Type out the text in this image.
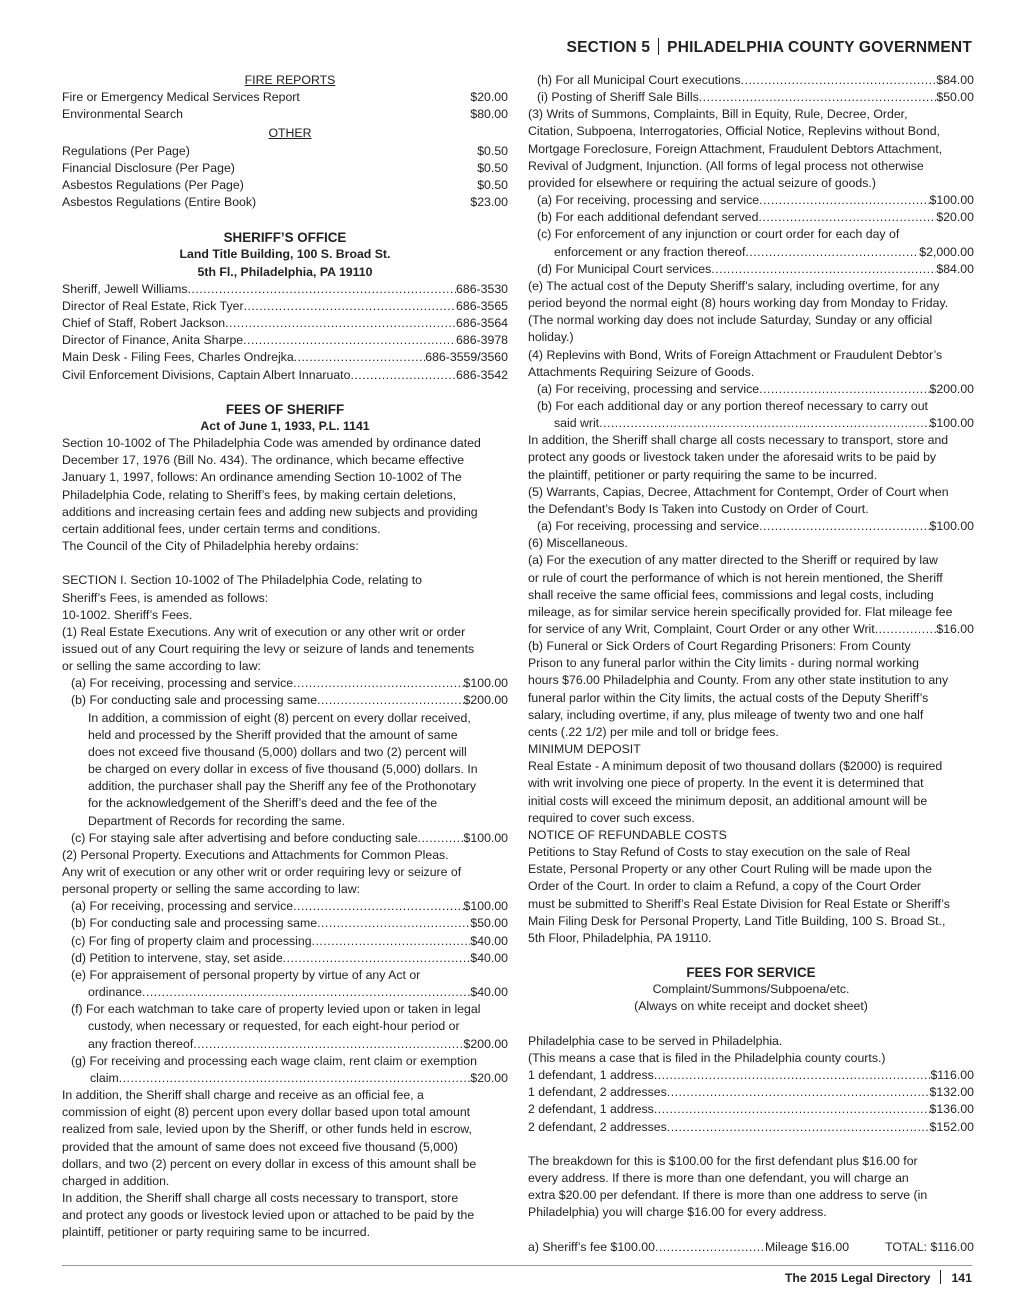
SECTION 5 PHILADELPHIA COUNTY GOVERNMENT
FIRE REPORTS
Fire or Emergency Medical Services Report	$20.00
Environmental Search	$80.00
OTHER
Regulations (Per Page)	$0.50
Financial Disclosure (Per Page)	$0.50
Asbestos Regulations (Per Page)	$0.50
Asbestos Regulations (Entire Book)	$23.00
SHERIFF’S OFFICE
Land Title Building, 100 S. Broad St.
5th Fl., Philadelphia, PA 19110
Sheriff, Jewell Williams .....	686-3530
Director of Real Estate, Rick Tyer .....	686-3565
Chief of Staff, Robert Jackson .....	686-3564
Director of Finance, Anita Sharpe .....	686-3978
Main Desk - Filing Fees, Charles Ondrejka .....	686-3559/3560
Civil Enforcement Divisions, Captain Albert Innaruato .....	686-3542
FEES OF SHERIFF
Act of June 1, 1933, P.L. 1141
Section 10-1002 of The Philadelphia Code was amended by ordinance dated
December 17, 1976 (Bill No. 434). The ordinance, which became effective
January 1, 1997, follows: An ordinance amending Section 10-1002 of The
Philadelphia Code, relating to Sheriff’s fees, by making certain deletions,
additions and increasing certain fees and adding new subjects and providing
certain additional fees, under certain terms and conditions.
The Council of the City of Philadelphia hereby ordains:
SECTION I. Section 10-1002 of The Philadelphia Code, relating to
Sheriff’s Fees, is amended as follows:
10-1002. Sheriff’s Fees.
(1) Real Estate Executions. Any writ of execution or any other writ or order
issued out of any Court requiring the levy or seizure of lands and tenements
or selling the same according to law:
(a) For receiving, processing and service .....	$100.00
(b) For conducting sale and processing same .....	$200.00
In addition, a commission of eight (8) percent on every dollar received,
held and processed by the Sheriff provided that the amount of same
does not exceed five thousand (5,000) dollars and two (2) percent will
be charged on every dollar in excess of five thousand (5,000) dollars. In
addition, the purchaser shall pay the Sheriff any fee of the Prothonotary
for the acknowledgement of the Sheriff’s deed and the fee of the
Department of Records for recording the same.
(c) For staying sale after advertising and before conducting sale .....	$100.00
(2) Personal Property. Executions and Attachments for Common Pleas.
Any writ of execution or any other writ or order requiring levy or seizure of
personal property or selling the same according to law:
(a) For receiving, processing and service .....	$100.00
(b) For conducting sale and processing same .....	$50.00
(c) For fing of property claim and processing .....	$40.00
(d) Petition to intervene, stay, set aside .....	$40.00
(e) For appraisement of personal property by virtue of any Act or
ordinance .....	$40.00
(f) For each watchman to take care of property levied upon or taken in legal
custody, when necessary or requested, for each eight-hour period or
any fraction thereof .....	$200.00
(g) For receiving and processing each wage claim, rent claim or exemption
claim .....	$20.00
In addition, the Sheriff shall charge and receive as an official fee, a
commission of eight (8) percent upon every dollar based upon total amount
realized from sale, levied upon by the Sheriff, or other funds held in escrow,
provided that the amount of same does not exceed five thousand (5,000)
dollars, and two (2) percent on every dollar in excess of this amount shall be
charged in addition.
In addition, the Sheriff shall charge all costs necessary to transport, store
and protect any goods or livestock levied upon or attached to be paid by the
plaintiff, petitioner or party requiring same to be incurred.
(h) For all Municipal Court executions .....	$84.00
(i) Posting of Sheriff Sale Bills .....	$50.00
(3) Writs of Summons, Complaints, Bill in Equity, Rule, Decree, Order,
Citation, Subpoena, Interrogatories, Official Notice, Replevins without Bond,
Mortgage Foreclosure, Foreign Attachment, Fraudulent Debtors Attachment,
Revival of Judgment, Injunction. (All forms of legal process not otherwise
provided for elsewhere or requiring the actual seizure of goods.)
(a) For receiving, processing and service .....	$100.00
(b) For each additional defendant served .....	$20.00
(c) For enforcement of any injunction or court order for each day of
enforcement or any fraction thereof .....	$2,000.00
(d) For Municipal Court services .....	$84.00
(e) The actual cost of the Deputy Sheriff’s salary, including overtime, for any
period beyond the normal eight (8) hours working day from Monday to Friday.
(The normal working day does not include Saturday, Sunday or any official
holiday.)
(4) Replevins with Bond, Writs of Foreign Attachment or Fraudulent Debtor’s
Attachments Requiring Seizure of Goods.
(a) For receiving, processing and service .....	$200.00
(b) For each additional day or any portion thereof necessary to carry out
said writ .....	$100.00
In addition, the Sheriff shall charge all costs necessary to transport, store and
protect any goods or livestock taken under the aforesaid writs to be paid by
the plaintiff, petitioner or party requiring the same to be incurred.
(5) Warrants, Capias, Decree, Attachment for Contempt, Order of Court when
the Defendant’s Body Is Taken into Custody on Order of Court.
(a) For receiving, processing and service .....	$100.00
(6) Miscellaneous.
(a) For the execution of any matter directed to the Sheriff or required by law
or rule of court the performance of which is not herein mentioned, the Sheriff
shall receive the same official fees, commissions and legal costs, including
mileage, as for similar service herein specifically provided for. Flat mileage fee
for service of any Writ, Complaint, Court Order or any other Writ .....	$16.00
(b) Funeral or Sick Orders of Court Regarding Prisoners: From County
Prison to any funeral parlor within the City limits - during normal working
hours $76.00 Philadelphia and County. From any other state institution to any
funeral parlor within the City limits, the actual costs of the Deputy Sheriff’s
salary, including overtime, if any, plus mileage of twenty two and one half
cents (.22 1/2) per mile and toll or bridge fees.
MINIMUM DEPOSIT
Real Estate - A minimum deposit of two thousand dollars ($2000) is required
with writ involving one piece of property. In the event it is determined that
initial costs will exceed the minimum deposit, an additional amount will be
required to cover such excess.
NOTICE OF REFUNDABLE COSTS
Petitions to Stay Refund of Costs to stay execution on the sale of Real
Estate, Personal Property or any other Court Ruling will be made upon the
Order of the Court. In order to claim a Refund, a copy of the Court Order
must be submitted to Sheriff’s Real Estate Division for Real Estate or Sheriff’s
Main Filing Desk for Personal Property, Land Title Building, 100 S. Broad St.,
5th Floor, Philadelphia, PA 19110.
FEES FOR SERVICE
Complaint/Summons/Subpoena/etc.
(Always on white receipt and docket sheet)
Philadelphia case to be served in Philadelphia.
(This means a case that is filed in the Philadelphia county courts.)
1 defendant, 1 address .....	$116.00
1 defendant, 2 addresses .....	$132.00
2 defendant, 1 address .....	$136.00
2 defendant, 2 addresses .....	$152.00
The breakdown for this is $100.00 for the first defendant plus $16.00 for
every address. If there is more than one defendant, you will charge an
extra $20.00 per defendant. If there is more than one address to serve (in
Philadelphia) you will charge $16.00 for every address.
a) Sheriff’s fee $100.00 .....	Mileage $16.00	TOTAL: $116.00
The 2015 Legal Directory 141
